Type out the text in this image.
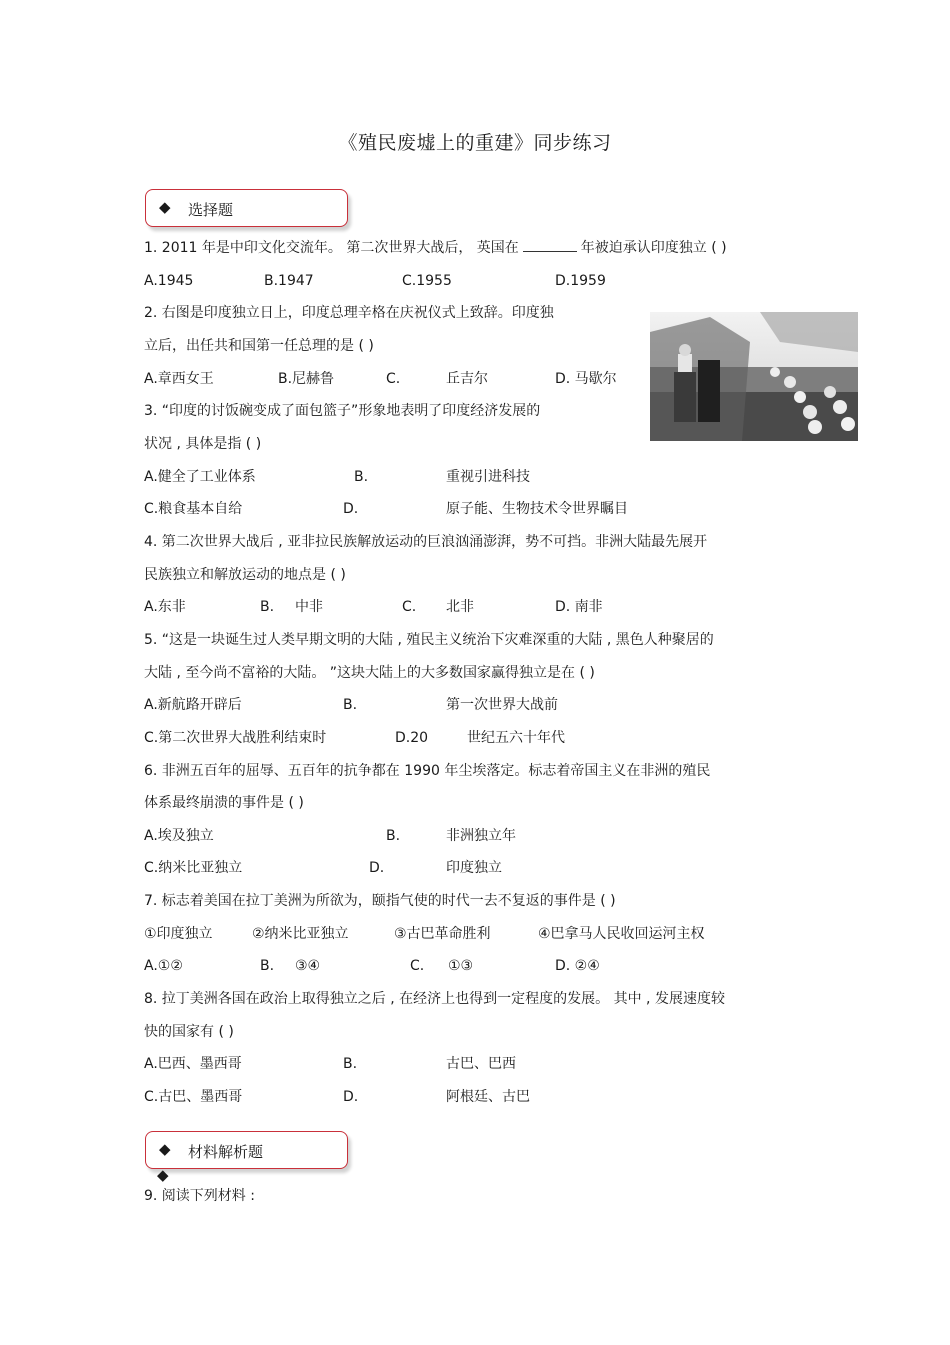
《殖民废墟上的重建》同步练习
◆ 选择题
1. 2011 年是中印文化交流年。 第二次世界大战后， 英国在	年被迫承认印度独立 ( )
A.1945	B.1947	C.1955	D.1959
2. 右图是印度独立日上，印度总理辛格在庆祝仪式上致辞。印度独
立后，出任共和国第一任总理的是 ( )
A.章西女王	B.尼赫鲁	C.	丘吉尔	D. 马歇尔
3. “印度的讨饭碗变成了面包篮子”形象地表明了印度经济发展的
状况 , 具体是指 ( )
A.健全了工业体系	B.	重视引进科技
C.粮食基本自给	D.	原子能、生物技术令世界瞩目
4. 第二次世界大战后 , 亚非拉民族解放运动的巨浪汹涌澎湃，势不可挡。非洲大陆最先展开
民族独立和解放运动的地点是 ( )
A.东非	B. 中非	C. 北非	D. 南非
5. “这是一块诞生过人类早期文明的大陆 , 殖民主义统治下灾难深重的大陆 , 黑色人种聚居的
大陆 , 至今尚不富裕的大陆。 ”这块大陆上的大多数国家赢得独立是在 ( )
A.新航路开辟后	B.	第一次世界大战前
C.第二次世界大战胜利结束时	D.20	世纪五六十年代
6. 非洲五百年的屈辱、五百年的抗争都在 1990 年尘埃落定。标志着帝国主义在非洲的殖民
体系最终崩溃的事件是 ( )
A.埃及独立	B.	非洲独立年
C.纳米比亚独立	D.	印度独立
7. 标志着美国在拉丁美洲为所欲为，颐指气使的时代一去不复返的事件是 ( )
①印度独立	②纳米比亚独立	③古巴革命胜利	④巴拿马人民收回运河主权
A.①②	B. ③④	C. ①③	D. ②④
8. 拉丁美洲各国在政治上取得独立之后 , 在经济上也得到一定程度的发展。 其中 , 发展速度较
快的国家有 ( )
A.巴西、墨西哥	B.	古巴、巴西
C.古巴、墨西哥	D.	阿根廷、古巴
◆ 材料解析题
◆
9. 阅读下列材料 :
